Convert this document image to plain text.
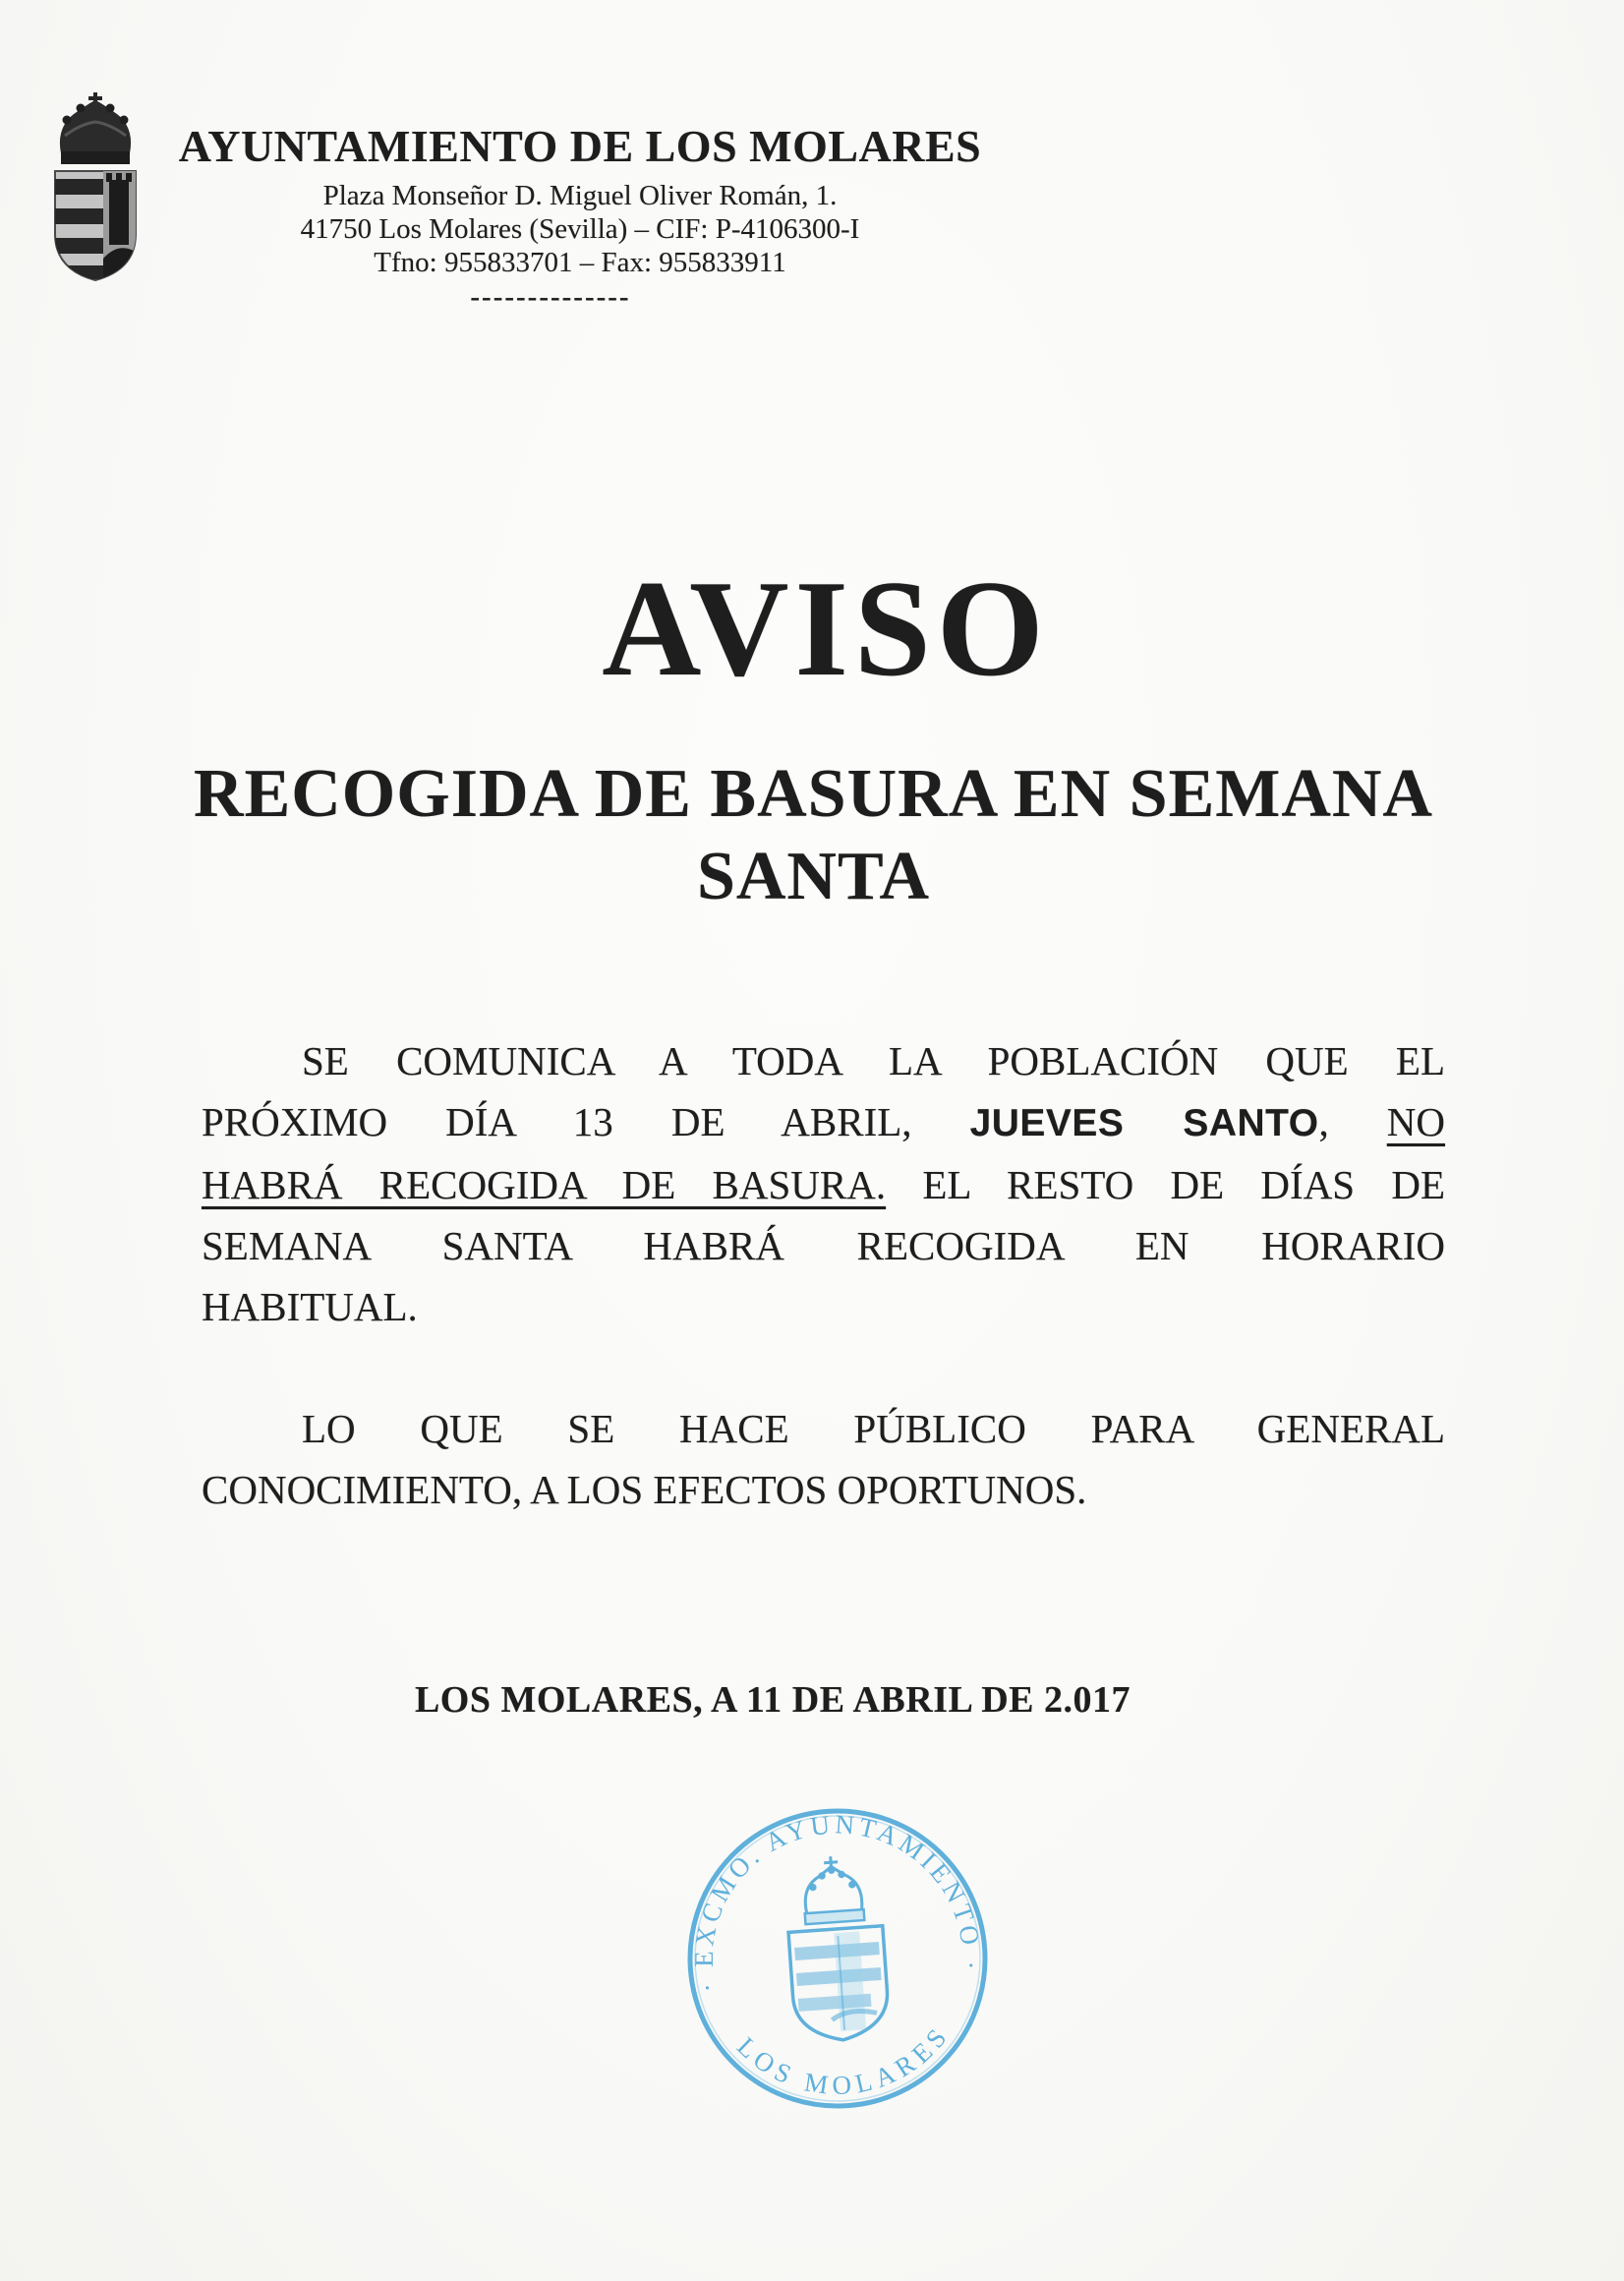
AYUNTAMIENTO DE LOS MOLARES
Plaza Monseñor D. Miguel Oliver Román, 1.
41750 Los Molares (Sevilla) – CIF: P-4106300-I
Tfno: 955833701 – Fax: 955833911
--------------
AVISO
RECOGIDA DE BASURA EN SEMANA
SANTA
SE COMUNICA A TODA LA POBLACIÓN QUE EL
PRÓXIMO DÍA 13 DE ABRIL, JUEVES SANTO, NO
HABRÁ RECOGIDA DE BASURA. EL RESTO DE DÍAS DE
SEMANA SANTA HABRÁ RECOGIDA EN HORARIO
HABITUAL.
LO QUE SE HACE PÚBLICO PARA GENERAL
CONOCIMIENTO, A LOS EFECTOS OPORTUNOS.
LOS MOLARES, A 11 DE ABRIL DE 2.017
· EXCMO. AYUNTAMIENTO ·
LOS MOLARES
